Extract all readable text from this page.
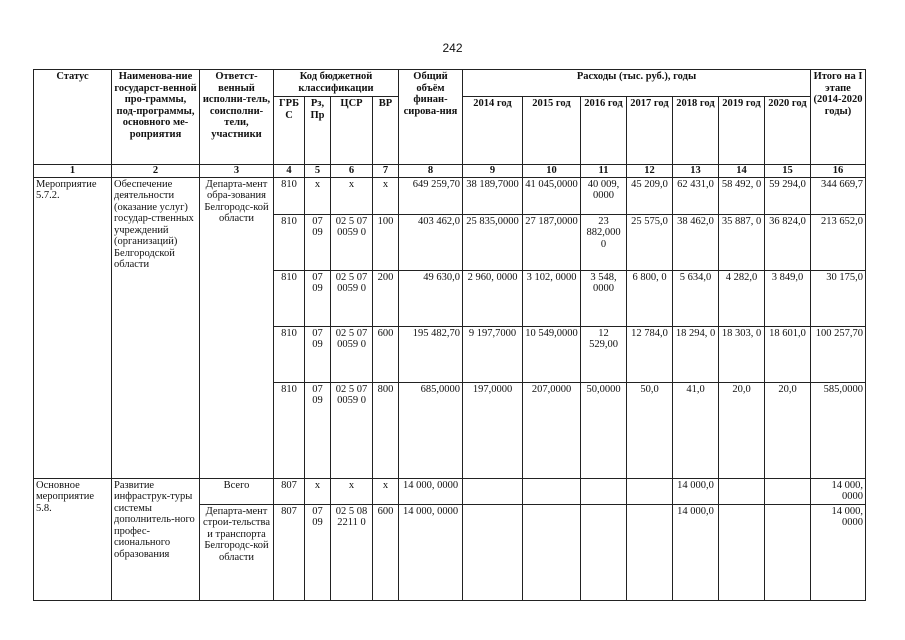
242
Статус	Наименова-ние государст-венной про-граммы, под-программы, основного ме-роприятия	Ответст-венный исполни-тель, соисполни-тели, участники	Код бюджетной классификации				Общий объём финан-сирова-ния	Расходы (тыс. руб.), годы							Итого на I этапе (2014-2020 годы)
			ГРБ С	Рз, Пр	ЦСР	ВР		2014 год	2015 год	2016 год	2017 год	2018 год	2019 год	2020 год	
1	2	3	4	5	6	7	8	9	10	11	12	13	14	15	16
Мероприятие 5.7.2.	Обеспечение деятельности (оказание услуг) государ-ственных учреждений (организаций) Белгородской области	Департа-мент обра-зования Белгородс-кой области	810	х	х	х	649 259,70	38 189,7000	41 045,0000	40 009, 0000	45 209,0	62 431,0	58 492, 0	59 294,0	344 669,7
			810	07 09	02 5 07 0059 0	100	403 462,0	25 835,0000	27 187,0000	23 882,000 0	25 575,0	38 462,0	35 887, 0	36 824,0	213 652,0
			810	07 09	02 5 07 0059 0	200	49 630,0	2 960, 0000	3 102, 0000	3 548, 0000	6 800, 0	5 634,0	4 282,0	3 849,0	30 175,0
			810	07 09	02 5 07 0059 0	600	195 482,70	9 197,7000	10 549,0000	12 529,00	12 784,0	18 294, 0	18 303, 0	18 601,0	100 257,70
			810	07 09	02 5 07 0059 0	800	685,0000	197,0000	207,0000	50,0000	50,0	41,0	20,0	20,0	585,0000
Основное мероприятие 5.8.	Развитие инфраструк-туры системы дополнитель-ного профес-сионального образования	Всего	807	х	х	х	14 000, 0000					14 000,0			14 000, 0000
		Департа-мент строи-тельства и транспорта Белгородс-кой области	807	07 09	02 5 08 2211 0	600	14 000, 0000					14 000,0			14 000, 0000
